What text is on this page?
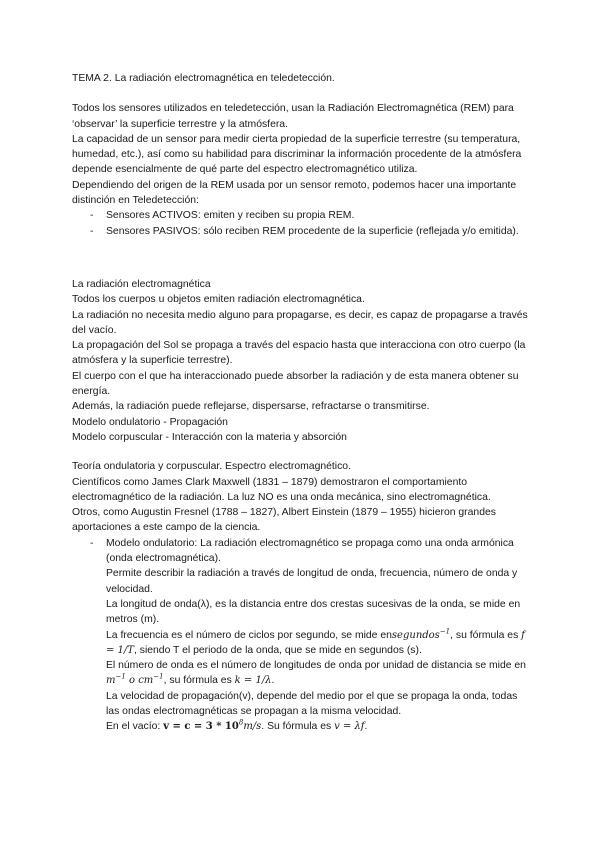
TEMA 2. La radiación electromagnética en teledetección.

Todos los sensores utilizados en teledetección, usan la Radiación Electromagnética (REM) para ‘observar’ la superficie terrestre y la atmósfera.

La capacidad de un sensor para medir cierta propiedad de la superficie terrestre (su temperatura, humedad, etc.), así como su habilidad para discriminar la información procedente de la atmósfera depende esencialmente de qué parte del espectro electromagnético utiliza.

Dependiendo del origen de la REM usada por un sensor remoto, podemos hacer una importante distinción en Teledetección:

-	Sensores ACTIVOS: emiten y reciben su propia REM.
-	Sensores PASIVOS: sólo reciben REM procedente de la superficie (reflejada y/o emitida).

La radiación electromagnética

Todos los cuerpos u objetos emiten radiación electromagnética.

La radiación no necesita medio alguno para propagarse, es decir, es capaz de propagarse a través del vacío.

La propagación del Sol se propaga a través del espacio hasta que interacciona con otro cuerpo (la atmósfera y la superficie terrestre).

El cuerpo con el que ha interaccionado puede absorber la radiación y de esta manera obtener su energía.

Además, la radiación puede reflejarse, dispersarse, refractarse o transmitirse.

Modelo ondulatorio - Propagación

Modelo corpuscular - Interacción con la materia y absorción

Teoría ondulatoria y corpuscular. Espectro electromagnético.

Científicos como James Clark Maxwell (1831 – 1879) demostraron el comportamiento electromagnético de la radiación. La luz NO es una onda mecánica, sino electromagnética.

Otros, como Augustin Fresnel (1788 – 1827), Albert Einstein (1879 – 1955) hicieron grandes aportaciones a este campo de la ciencia.

-	Modelo ondulatorio: La radiación electromagnético se propaga como una onda armónica (onda electromagnética).

Permite describir la radiación a través de longitud de onda, frecuencia, número de onda y velocidad.

La longitud de onda(λ), es la distancia entre dos crestas sucesivas de la onda, se mide en metros (m).

La frecuencia es el número de ciclos por segundo, se mide ensegundos$^{-1}$, su fórmula es f = 1/T, siendo T el periodo de la onda, que se mide en segundos (s).

El número de onda es el número de longitudes de onda por unidad de distancia se mide en $m^{-1}$ o $cm^{-1}$, su fórmula es k = 1/λ.

La velocidad de propagación(v), depende del medio por el que se propaga la onda, todas las ondas electromagnéticas se propagan a la misma velocidad.

En el vacío: $v = c = 3 * 10^8m/s$. Su fórmula es v = λf.
